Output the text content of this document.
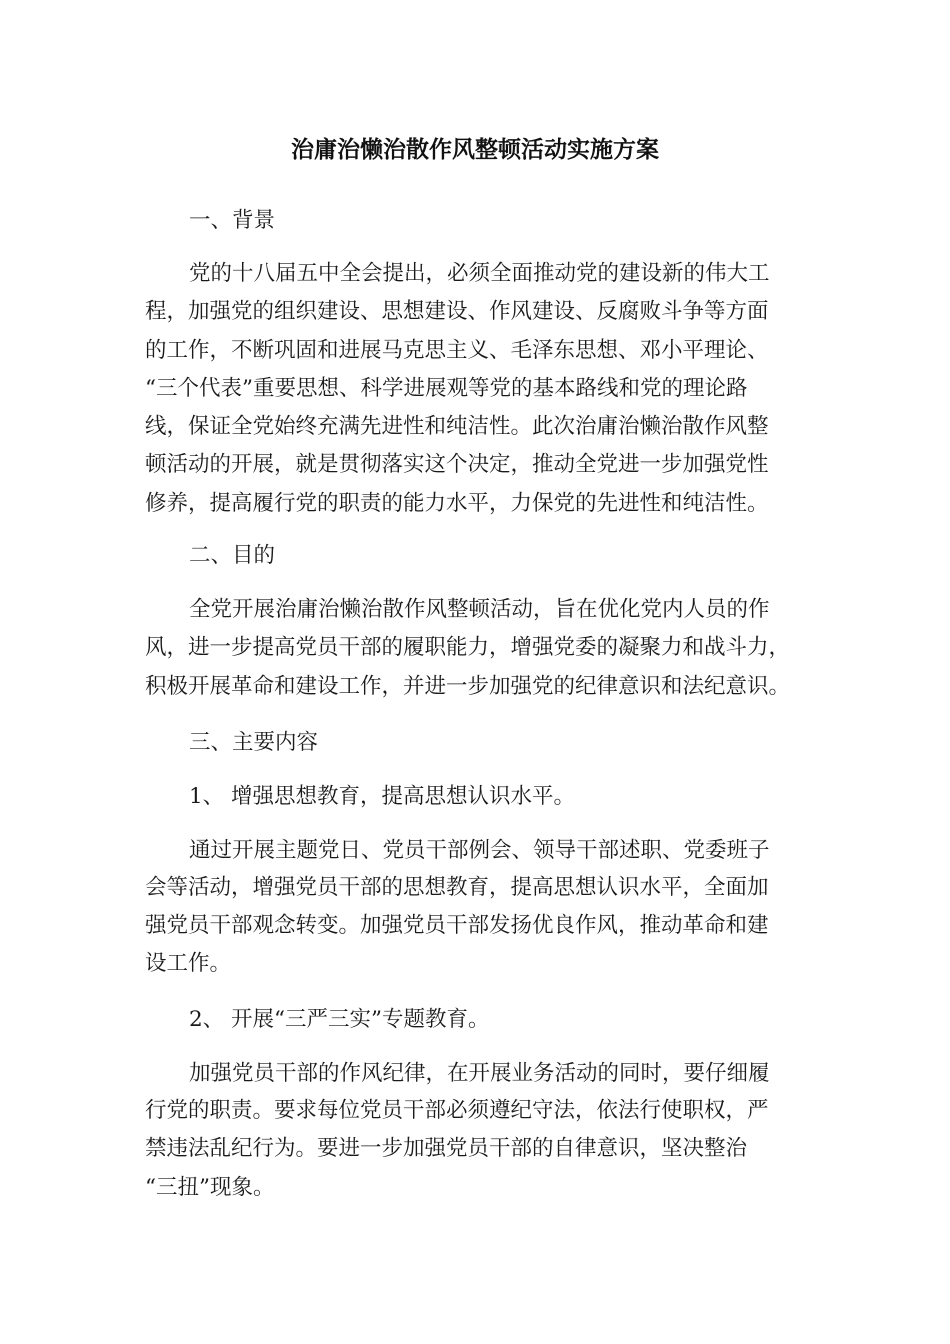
治庸治懒治散作风整顿活动实施方案

一、背景

党的十八届五中全会提出，必须全面推动党的建设新的伟大工

程，加强党的组织建设、思想建设、作风建设、反腐败斗争等方面

的工作，不断巩固和进展马克思主义、毛泽东思想、邓小平理论、

“三个代表”重要思想、科学进展观等党的基本路线和党的理论路

线，保证全党始终充满先进性和纯洁性。此次治庸治懒治散作风整

顿活动的开展，就是贯彻落实这个决定，推动全党进一步加强党性

修养，提高履行党的职责的能力水平，力保党的先进性和纯洁性。

二、目的

全党开展治庸治懒治散作风整顿活动，旨在优化党内人员的作

风，进一步提高党员干部的履职能力，增强党委的凝聚力和战斗力，

积极开展革命和建设工作，并进一步加强党的纪律意识和法纪意识。

三、主要内容

1、 增强思想教育，提高思想认识水平。

通过开展主题党日、党员干部例会、领导干部述职、党委班子

会等活动，增强党员干部的思想教育，提高思想认识水平，全面加

强党员干部观念转变。加强党员干部发扬优良作风，推动革命和建

设工作。

2、 开展“三严三实”专题教育。

加强党员干部的作风纪律，在开展业务活动的同时，要仔细履

行党的职责。要求每位党员干部必须遵纪守法，依法行使职权，严

禁违法乱纪行为。要进一步加强党员干部的自律意识，坚决整治

“三扭”现象。
